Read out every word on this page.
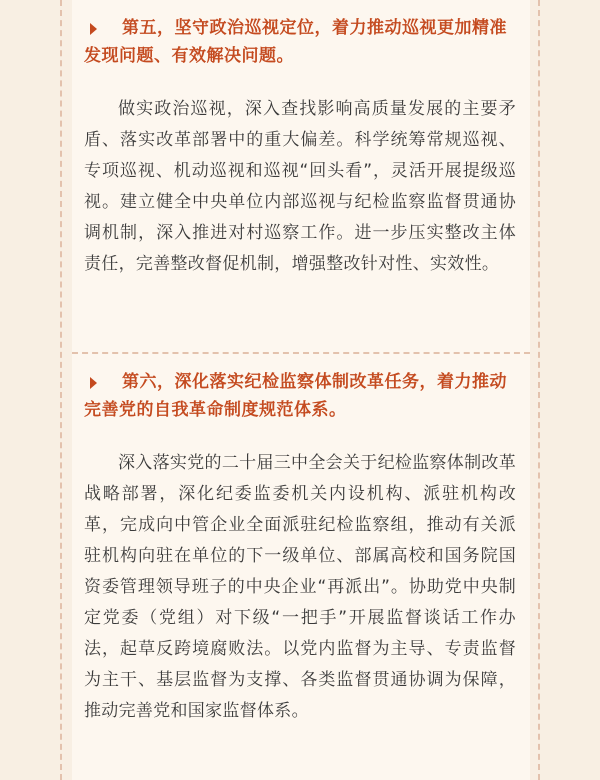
第五，坚守政治巡视定位，着力推动巡视更加精准发现问题、有效解决问题。

做实政治巡视，深入查找影响高质量发展的主要矛盾、落实改革部署中的重大偏差。科学统筹常规巡视、专项巡视、机动巡视和巡视“回头看”，灵活开展提级巡视。建立健全中央单位内部巡视与纪检监察监督贯通协调机制，深入推进对村巡察工作。进一步压实整改主体责任，完善整改督促机制，增强整改针对性、实效性。

第六，深化落实纪检监察体制改革任务，着力推动完善党的自我革命制度规范体系。

深入落实党的二十届三中全会关于纪检监察体制改革战略部署，深化纪委监委机关内设机构、派驻机构改革，完成向中管企业全面派驻纪检监察组，推动有关派驻机构向驻在单位的下一级单位、部属高校和国务院国资委管理领导班子的中央企业“再派出”。协助党中央制定党委（党组）对下级“一把手”开展监督谈话工作办法，起草反跨境腐败法。以党内监督为主导、专责监督为主干、基层监督为支撑、各类监督贯通协调为保障，推动完善党和国家监督体系。
